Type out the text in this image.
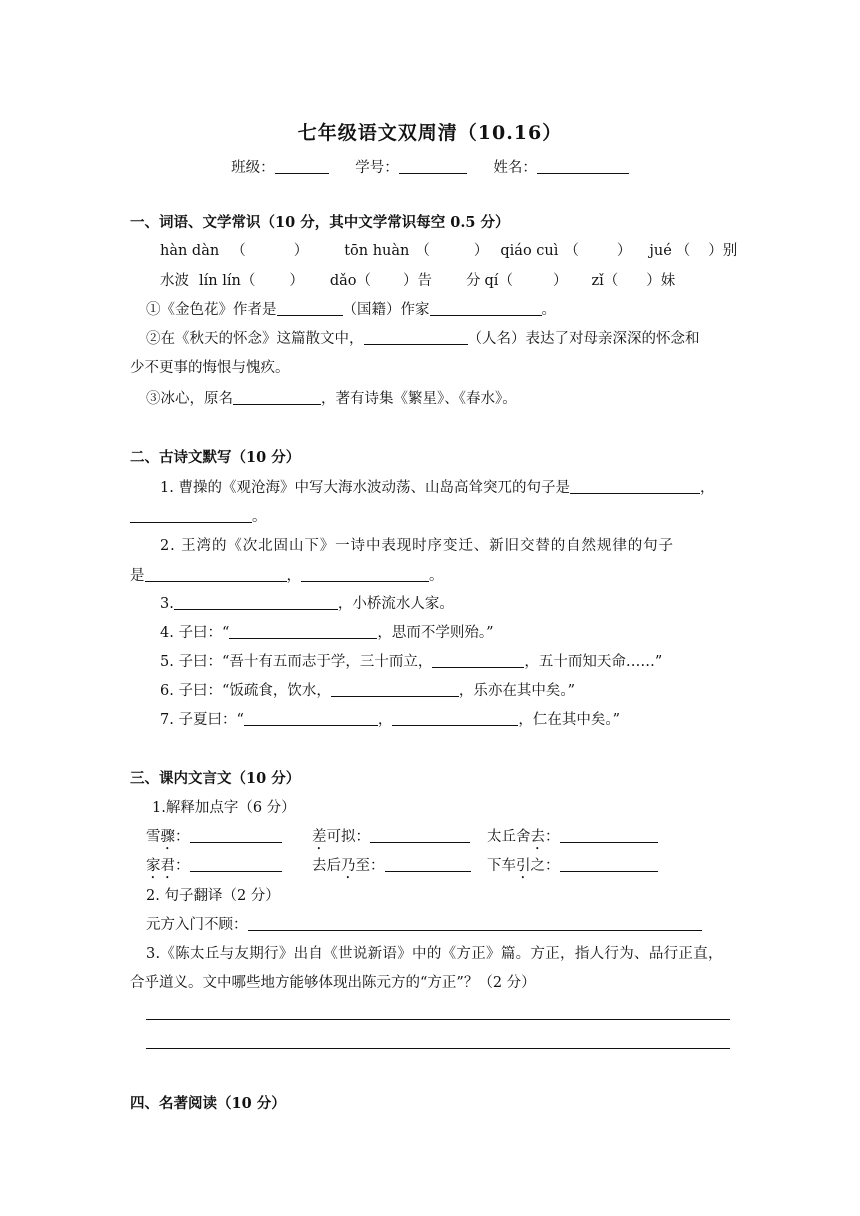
七年级语文双周清（10.16）
班级：	学号：	姓名：
一、词语、文学常识（10 分，其中文学常识每空 0.5 分）
hàn dàn （	） tōn huàn （	） qiáo cuì （	） jué （ ）别
水波 lín lín（ ） dǎo（ ）告 分 qí（	） zǐ（ ）妹
①《金色花》作者是	（国籍）作家	。
②在《秋天的怀念》这篇散文中，	（人名）表达了对母亲深深的怀念和
少不更事的悔恨与愧疚。
③冰心，原名	，著有诗集《繁星》、《春水》。
二、古诗文默写（10 分）
1. 曹操的《观沧海》中写大海水波动荡、山岛高耸突兀的句子是	，
。
2. 王湾的《次北固山下》一诗中表现时序变迁、新旧交替的自然规律的句子
是	，	。
3.	，小桥流水人家。
4. 子曰：“	，思而不学则殆。”
5. 子曰：“吾十有五而志于学，三十而立，	，五十而知天命……”
6. 子曰：“饭疏食，饮水，	，乐亦在其中矣。”
7. 子夏曰：“	，	，仁在其中矣。”
三、课内文言文（10 分）
1.解释加点字（6 分）
雪骤：	差可拟：	太丘舍去：
家君：	去后乃至：	下车引之：
2. 句子翻译（2 分）
元方入门不顾：
3.《陈太丘与友期行》出自《世说新语》中的《方正》篇。方正，指人行为、品行正直，
合乎道义。文中哪些地方能够体现出陈元方的“方正”？（2 分）
四、名著阅读（10 分）
